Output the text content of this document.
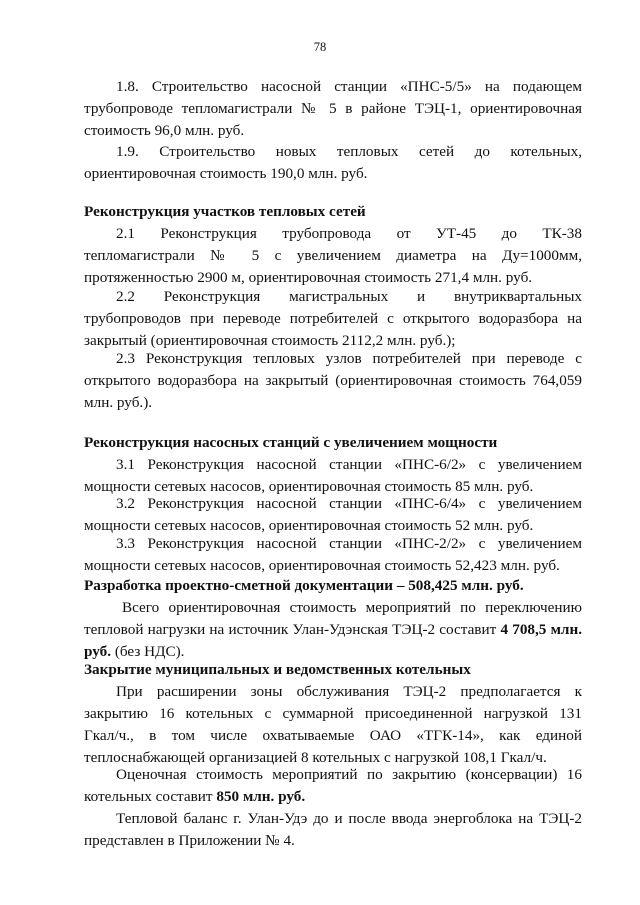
78
1.8. Строительство насосной станции «ПНС-5/5» на подающем
трубопроводе тепломагистрали № 5 в районе ТЭЦ-1, ориентировочная
стоимость 96,0 млн. руб.
1.9. Строительство новых тепловых сетей до котельных,
ориентировочная стоимость 190,0 млн. руб.
Реконструкция участков тепловых сетей
2.1 Реконструкция трубопровода от УТ-45 до ТК-38
тепломагистрали № 5 с увеличением диаметра на Ду=1000мм,
протяженностью 2900 м, ориентировочная стоимость 271,4 млн. руб.
2.2 Реконструкция магистральных и внутриквартальных
трубопроводов при переводе потребителей с открытого водоразбора на
закрытый (ориентировочная стоимость 2112,2 млн. руб.);
2.3 Реконструкция тепловых узлов потребителей при переводе с
открытого водоразбора на закрытый (ориентировочная стоимость 764,059
млн. руб.).
Реконструкция насосных станций с увеличением мощности
3.1 Реконструкция насосной станции «ПНС-6/2» с увеличением
мощности сетевых насосов, ориентировочная стоимость 85 млн. руб.
3.2 Реконструкция насосной станции «ПНС-6/4» с увеличением
мощности сетевых насосов, ориентировочная стоимость 52 млн. руб.
3.3 Реконструкция насосной станции «ПНС-2/2» с увеличением
мощности сетевых насосов, ориентировочная стоимость 52,423 млн. руб.
Разработка проектно-сметной документации – 508,425 млн. руб.
Всего ориентировочная стоимость мероприятий по переключению
тепловой нагрузки на источник Улан-Удэнская ТЭЦ-2 составит 4 708,5 млн.
руб. (без НДС).
Закрытие муниципальных и ведомственных котельных
При расширении зоны обслуживания ТЭЦ-2 предполагается к
закрытию 16 котельных с суммарной присоединенной нагрузкой 131
Гкал/ч., в том числе охватываемые ОАО «ТГК-14», как единой
теплоснабжающей организацией 8 котельных с нагрузкой 108,1 Гкал/ч.
Оценочная стоимость мероприятий по закрытию (консервации) 16
котельных составит 850 млн. руб.
Тепловой баланс г. Улан-Удэ до и после ввода энергоблока на ТЭЦ-2
представлен в Приложении № 4.
